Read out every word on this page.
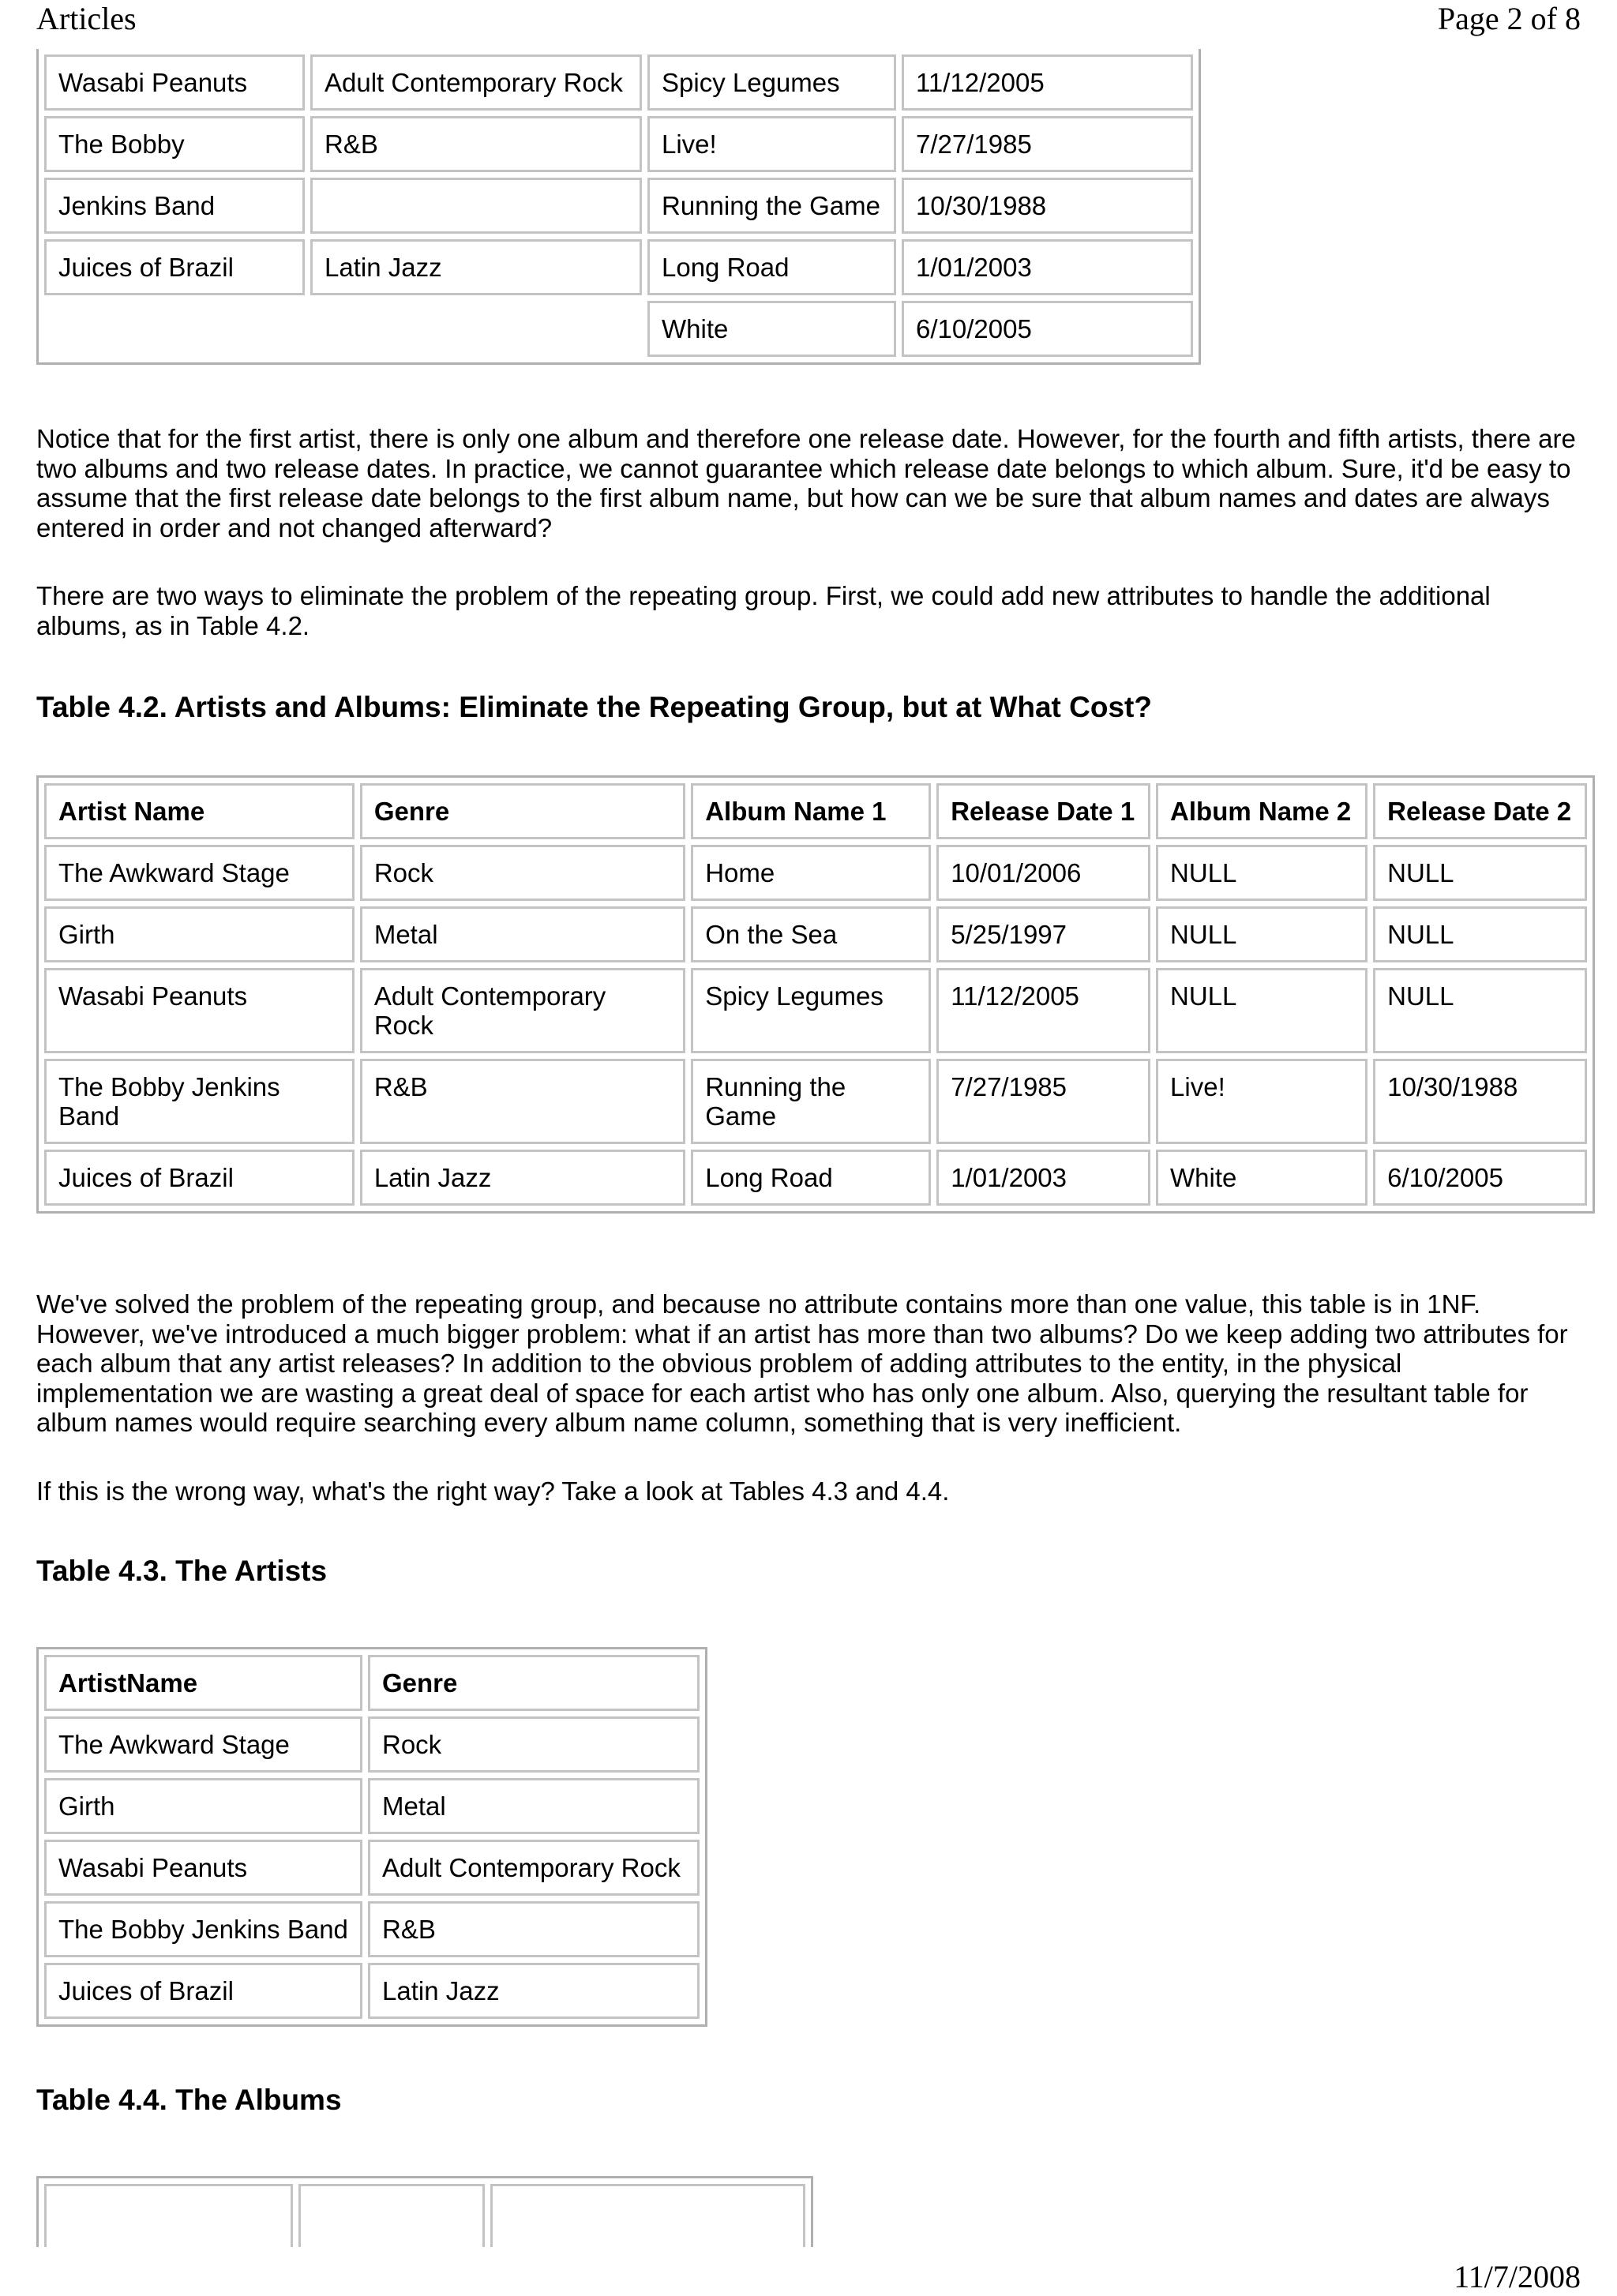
Articles	Page 2 of 8
11/7/2008
Wasabi Peanuts	Adult Contemporary Rock	Spicy Legumes	11/12/2005
The Bobby	R&B	Live!	7/27/1985
Jenkins Band		Running the Game	10/30/1988
Juices of Brazil	Latin Jazz	Long Road	1/01/2003
		White	6/10/2005

Notice that for the first artist, there is only one album and therefore one release date. However, for the fourth and fifth artists, there are two albums and two release dates. In practice, we cannot guarantee which release date belongs to which album. Sure, it'd be easy to assume that the first release date belongs to the first album name, but how can we be sure that album names and dates are always entered in order and not changed afterward?

There are two ways to eliminate the problem of the repeating group. First, we could add new attributes to handle the additional albums, as in Table 4.2.

Table 4.2. Artists and Albums: Eliminate the Repeating Group, but at What Cost?
Artist Name	Genre	Album Name 1	Release Date 1	Album Name 2	Release Date 2
The Awkward Stage	Rock	Home	10/01/2006	NULL	NULL
Girth	Metal	On the Sea	5/25/1997	NULL	NULL
Wasabi Peanuts	Adult Contemporary Rock	Spicy Legumes	11/12/2005	NULL	NULL
The Bobby Jenkins Band	R&B	Running the Game	7/27/1985	Live!	10/30/1988
Juices of Brazil	Latin Jazz	Long Road	1/01/2003	White	6/10/2005

We've solved the problem of the repeating group, and because no attribute contains more than one value, this table is in 1NF. However, we've introduced a much bigger problem: what if an artist has more than two albums? Do we keep adding two attributes for each album that any artist releases? In addition to the obvious problem of adding attributes to the entity, in the physical implementation we are wasting a great deal of space for each artist who has only one album. Also, querying the resultant table for album names would require searching every album name column, something that is very inefficient.

If this is the wrong way, what's the right way? Take a look at Tables 4.3 and 4.4.

Table 4.3. The Artists
ArtistName	Genre
The Awkward Stage	Rock
Girth	Metal
Wasabi Peanuts	Adult Contemporary Rock
The Bobby Jenkins Band	R&B
Juices of Brazil	Latin Jazz
Table 4.4. The Albums
